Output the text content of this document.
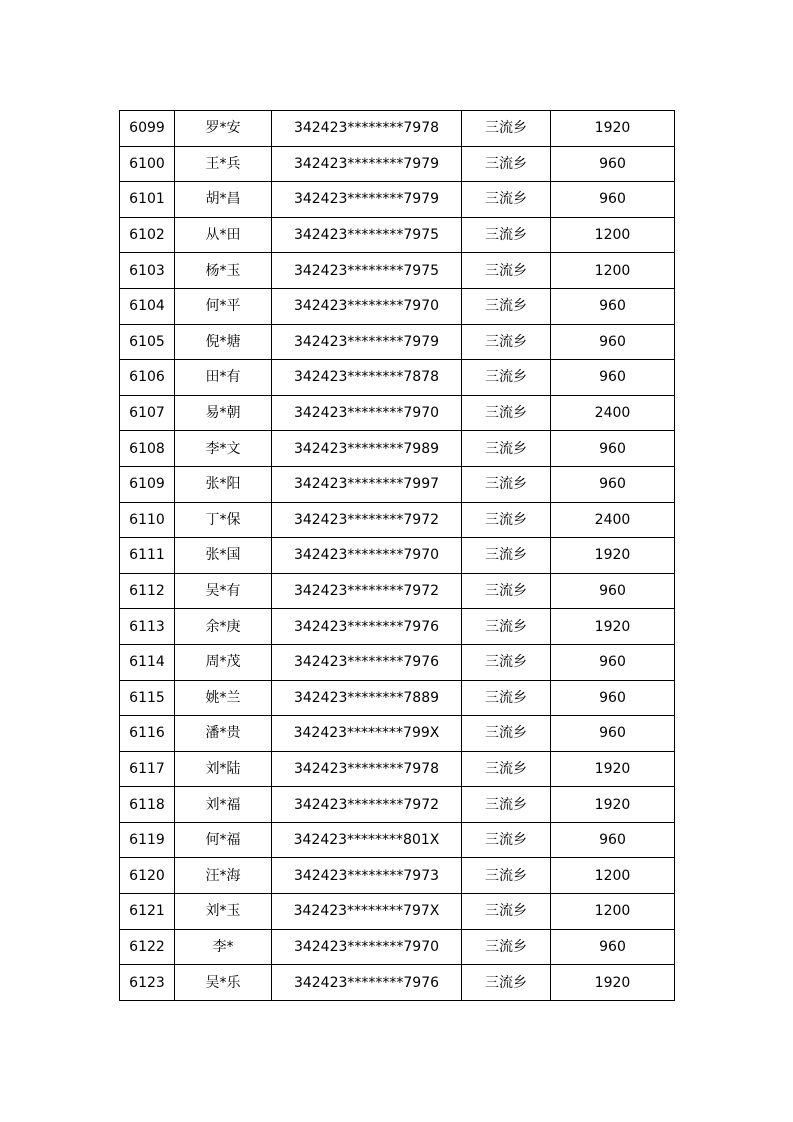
6099	罗*安	342423********7978	三流乡	1920
6100	王*兵	342423********7979	三流乡	960
6101	胡*昌	342423********7979	三流乡	960
6102	从*田	342423********7975	三流乡	1200
6103	杨*玉	342423********7975	三流乡	1200
6104	何*平	342423********7970	三流乡	960
6105	倪*塘	342423********7979	三流乡	960
6106	田*有	342423********7878	三流乡	960
6107	易*朝	342423********7970	三流乡	2400
6108	李*文	342423********7989	三流乡	960
6109	张*阳	342423********7997	三流乡	960
6110	丁*保	342423********7972	三流乡	2400
6111	张*国	342423********7970	三流乡	1920
6112	吴*有	342423********7972	三流乡	960
6113	余*庚	342423********7976	三流乡	1920
6114	周*茂	342423********7976	三流乡	960
6115	姚*兰	342423********7889	三流乡	960
6116	潘*贵	342423********799X	三流乡	960
6117	刘*陆	342423********7978	三流乡	1920
6118	刘*福	342423********7972	三流乡	1920
6119	何*福	342423********801X	三流乡	960
6120	汪*海	342423********7973	三流乡	1200
6121	刘*玉	342423********797X	三流乡	1200
6122	李*	342423********7970	三流乡	960
6123	吴*乐	342423********7976	三流乡	1920
